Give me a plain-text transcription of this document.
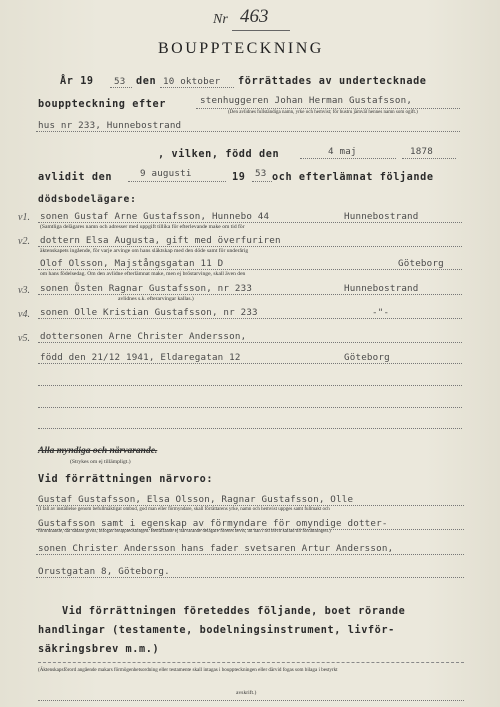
Nr 463
BOUPPTECKNING
År 19 53 den 10 oktober förrättades av undertecknade
bouppteckning efter	stenhuggeren Johan Herman Gustafsson,
(Den avlidnes fullständiga namn, yrke och hemvist; för hustru jämväl hennes namn som ogift.)
hus nr 233, Hunnebostrand
, vilken, född den	4 maj	1878
avlidit den	9 augusti	19 53 och efterlämnat följande
dödsbodelägare:
v1. sonen Gustaf Arne Gustafsson, Hunnebo 44	Hunnebostrand
(Samtliga delägares namn och adresser med uppgift tillika för efterlevande make om tid för
v2. dottern Elsa Augusta, gift med överfuriren
äktenskapets ingående, för varje arvinge om hans släktskap med den döde samt för underårig
Olof Olsson, Majstångsgatan 11 D	Göteborg
om hans födelsedag. Om den avlidne efterlämnat make, men ej bröstarvinge, skall även den
v3. sonen Östen Ragnar Gustafsson, nr 233	Hunnebostrand
avlidnes s.k. efterarvingar kallas.)
v4. sonen Olle Kristian Gustafsson, nr 233	-"-
v5. dottersonen Arne Christer Andersson,
född den 21/12 1941, Eldaregatan 12	Göteborg
Alla myndiga och närvarande.
(Strykes om ej tillämpligt.)
Vid förrättningen närvoro:
Gustaf Gustafsson, Elsa Olsson, Ragnar Gustafsson, Olle
(I fall av inställelse genom befullmäktigat ombud, god man eller förmyndare, skall förrättarens yrke, namn och hemvist uppges samt fullmakt och
Gustafsson samt i egenskap av förmyndare för omyndige dotter-
förordnande, där sådant givits, bifogas bouppteckningen. Beträffande ej närvarande delägare företes bevis, att han i tid blivit kallad till förrättningen.)
sonen Christer Andersson hans fader svetsaren Artur Andersson,
Orustgatan 8, Göteborg.
Vid förrättningen företeddes följande, boet rörande
handlingar (testamente, bodelningsinstrument, livför-
säkringsbrev m.m.)
(Äktenskapsförord angående makars förmögenhetsordning eller testamente skall intagas i bouppteckningen eller därvid fogas som bilaga i bestyrkt
avskrift.)
